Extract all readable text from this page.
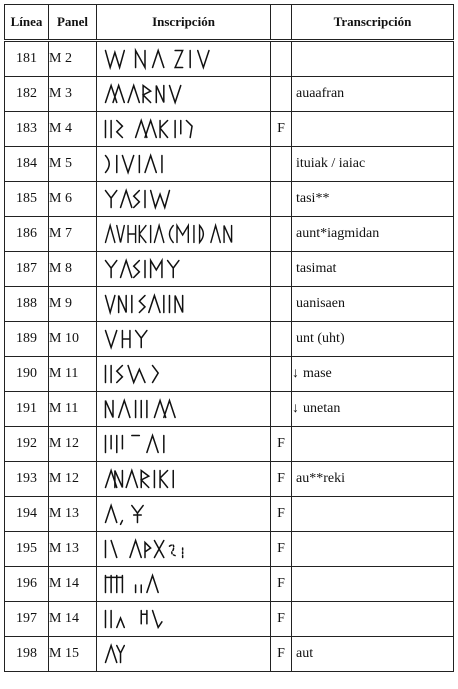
Línea	Panel	Inscripción		Transcripción
181	M 2	

182	M 3			auaafran
183	M 4		F	
184	M 5			ituiak / iaiac
185	M 6			tasi**
186	M 7			aunt*iagmidan
187	M 8			tasimat
188	M 9			uanisaen
189	M 10			unt (uht)
190	M 11			↓ mase
191	M 11			↓ unetan
192	M 12		F	
193	M 12		F	au**reki
194	M 13		F	
195	M 13		F	
196	M 14		F	
197	M 14		F	
198	M 15		F	aut
